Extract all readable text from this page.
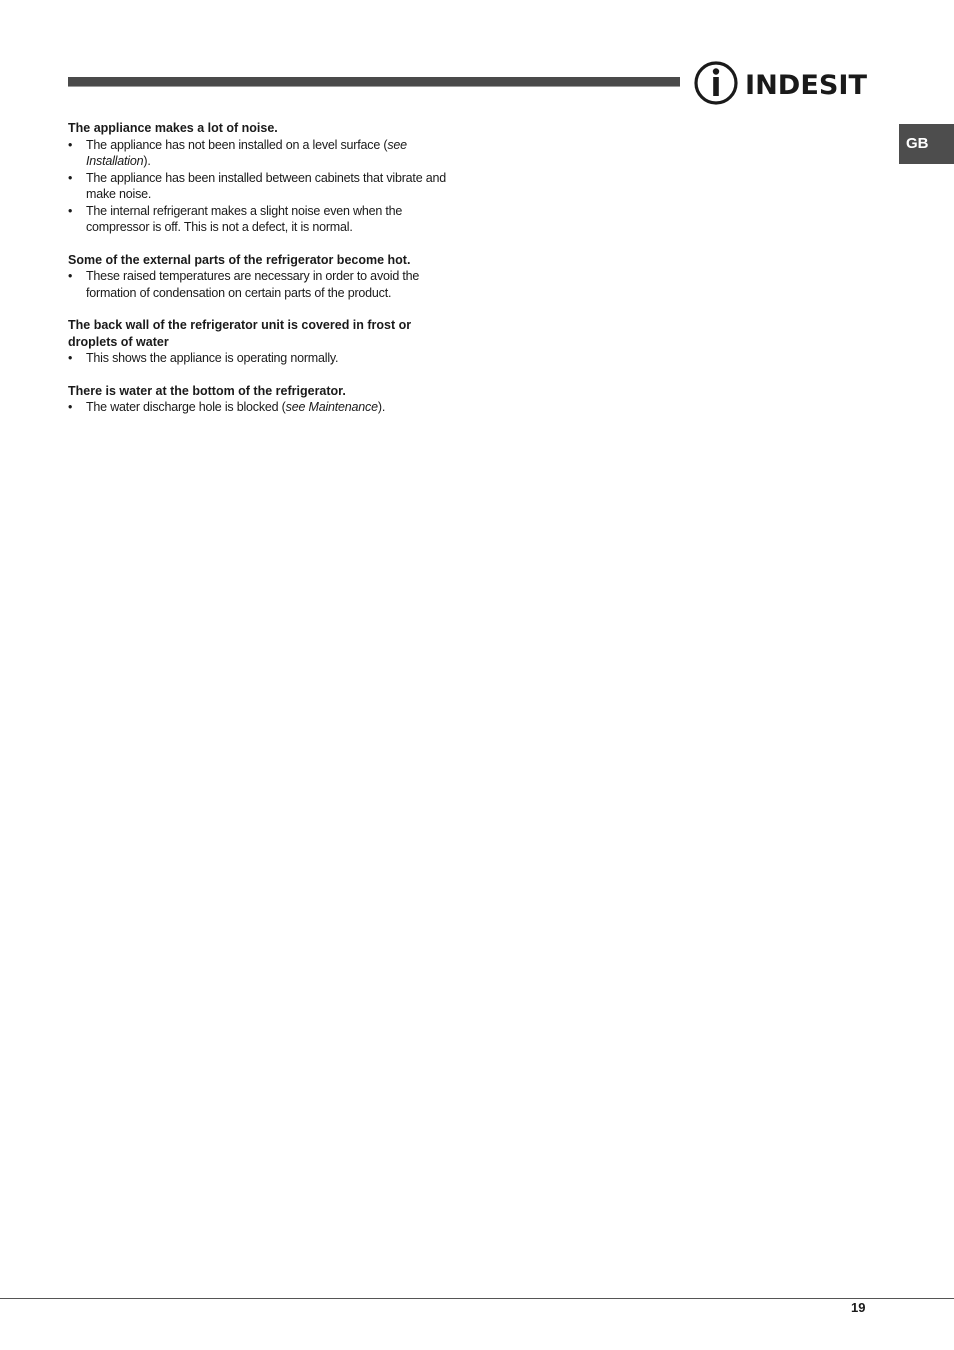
INDESIT
GB
The appliance makes a lot of noise.
• The appliance has not been installed on a level surface (see Installation).
• The appliance has been installed between cabinets that vibrate and make noise.
• The internal refrigerant makes a slight noise even when the compressor is off. This is not a defect, it is normal.
Some of the external parts of the refrigerator become hot.
• These raised temperatures are necessary in order to avoid the formation of condensation on certain parts of the product.
The back wall of the refrigerator unit is covered in frost or droplets of water
• This shows the appliance is operating normally.
There is water at the bottom of the refrigerator.
• The water discharge hole is blocked (see Maintenance).
19
